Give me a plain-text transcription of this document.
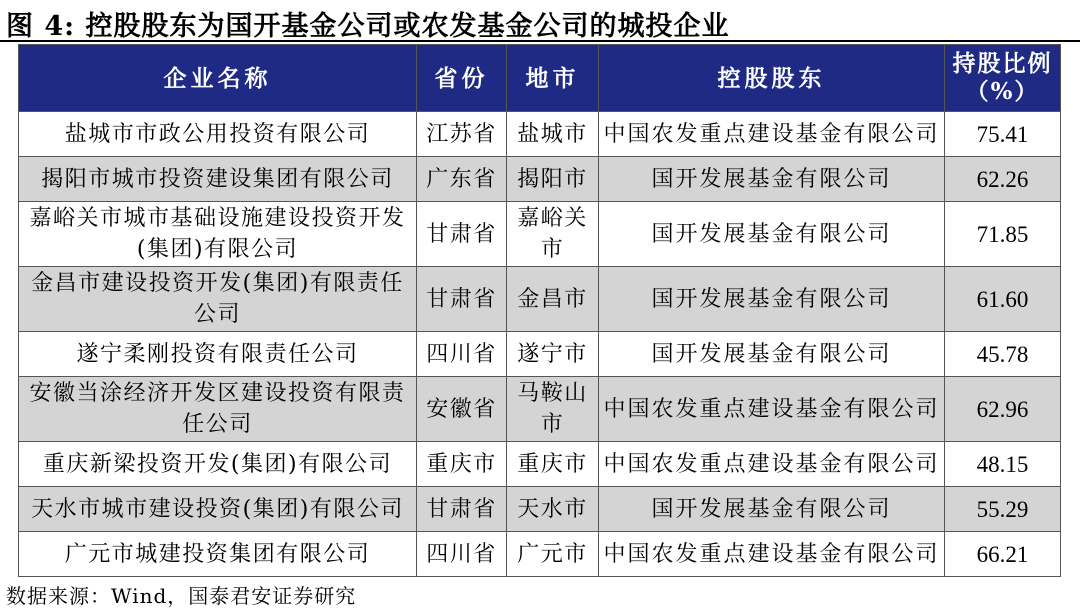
图 4: 控股股东为国开基金公司或农发基金公司的城投企业
企业名称	省份	地市	控股股东	持股比例
（%）
盐城市市政公用投资有限公司	江苏省	盐城市	中国农发重点建设基金有限公司	75.41
揭阳市城市投资建设集团有限公司	广东省	揭阳市	国开发展基金有限公司	62.26
嘉峪关市城市基础设施建设投资开发(集团)有限公司	甘肃省	嘉峪关市	国开发展基金有限公司	71.85
金昌市建设投资开发(集团)有限责任公司	甘肃省	金昌市	国开发展基金有限公司	61.60
遂宁柔刚投资有限责任公司	四川省	遂宁市	国开发展基金有限公司	45.78
安徽当涂经济开发区建设投资有限责任公司	安徽省	马鞍山市	中国农发重点建设基金有限公司	62.96
重庆新梁投资开发(集团)有限公司	重庆市	重庆市	中国农发重点建设基金有限公司	48.15
天水市城市建设投资(集团)有限公司	甘肃省	天水市	国开发展基金有限公司	55.29
广元市城建投资集团有限公司	四川省	广元市	中国农发重点建设基金有限公司	66.21
数据来源：Wind，国泰君安证券研究
